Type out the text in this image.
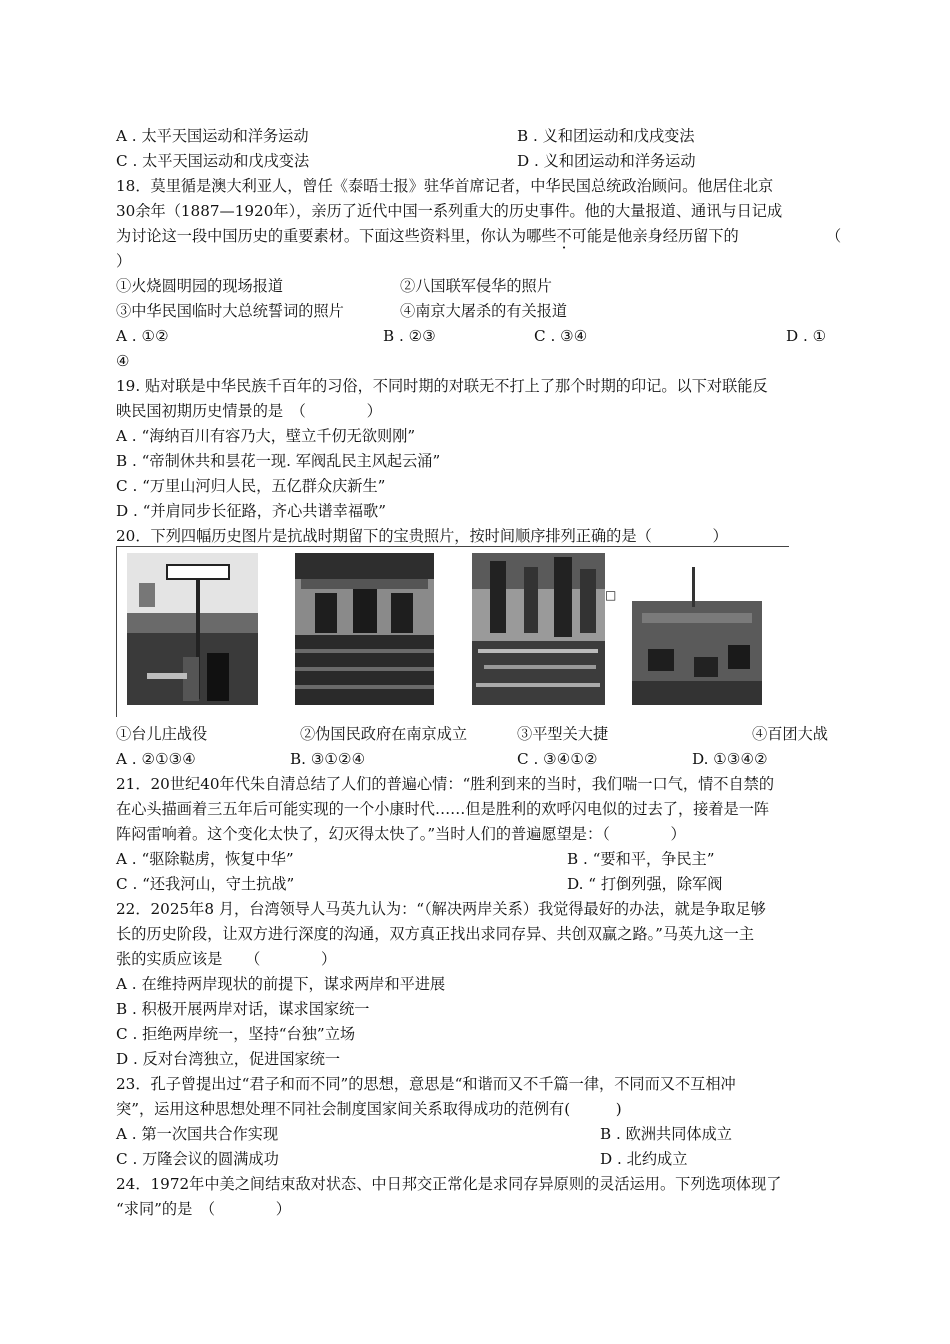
A . 太平天国运动和洋务运动	B . 义和团运动和戊戌变法
C . 太平天国运动和戊戌变法	D . 义和团运动和洋务运动
18．莫里循是澳大利亚人，曾任《泰晤士报》驻华首席记者，中华民国总统政治顾问。他居住北京
30余年（1887—1920年），亲历了近代中国一系列重大的历史事件。他的大量报道、通讯与日记成
为讨论这一段中国历史的重要素材。下面这些资料里，你认为哪些不可能是他亲身经历留下的	（
）
①火烧圆明园的现场报道	②八国联军侵华的照片
③中华民国临时大总统誓词的照片	④南京大屠杀的有关报道
A . ①②	B . ②③	C . ③④	D . ①
④
19. 贴对联是中华民族千百年的习俗，不同时期的对联无不打上了那个时期的印记。以下对联能反
映民国初期历史情景的是　（　　　　）
A . “海纳百川有容乃大，壁立千仞无欲则刚”
B . “帝制休共和昙花一现. 军阀乱民主风起云涌”
C . “万里山河归人民，五亿群众庆新生”
D . “并肩同步长征路，齐心共谱幸福歌”
20．下列四幅历史图片是抗战时期留下的宝贵照片，按时间顺序排列正确的是（　　　　）
□
①台儿庄战役	②伪国民政府在南京成立	③平型关大捷	④百团大战
A . ②①③④	B. ③①②④	C . ③④①②	D. ①③④②
21．20世纪40年代朱自清总结了人们的普遍心情：“胜利到来的当时，我们喘一口气，情不自禁的
在心头描画着三五年后可能实现的一个小康时代……但是胜利的欢呼闪电似的过去了，接着是一阵
阵闷雷响着。这个变化太快了，幻灭得太快了。”当时人们的普遍愿望是：（　　　　）
A . “驱除鞑虏，恢复中华”	B . “要和平，争民主”
C . “还我河山，守土抗战”	D. “ 打倒列强，除军阀
22．2025年8 月，台湾领导人马英九认为：“（解决两岸关系）我觉得最好的办法，就是争取足够
长的历史阶段，让双方进行深度的沟通，双方真正找出求同存异、共创双赢之路。”马英九这一主
张的实质应该是　　（　　　　）
A . 在维持两岸现状的前提下，谋求两岸和平进展
B . 积极开展两岸对话，谋求国家统一
C . 拒绝两岸统一，坚持“台独”立场
D . 反对台湾独立，促进国家统一
23．孔子曾提出过“君子和而不同”的思想，意思是“和谐而又不千篇一律，不同而又不互相冲
突”，运用这种思想处理不同社会制度国家间关系取得成功的范例有(　　　)
A . 第一次国共合作实现	B . 欧洲共同体成立
C . 万隆会议的圆满成功	D . 北约成立
24．1972年中美之间结束敌对状态、中日邦交正常化是求同存异原则的灵活运用。下列选项体现了
“求同”的是　（　　　　）
